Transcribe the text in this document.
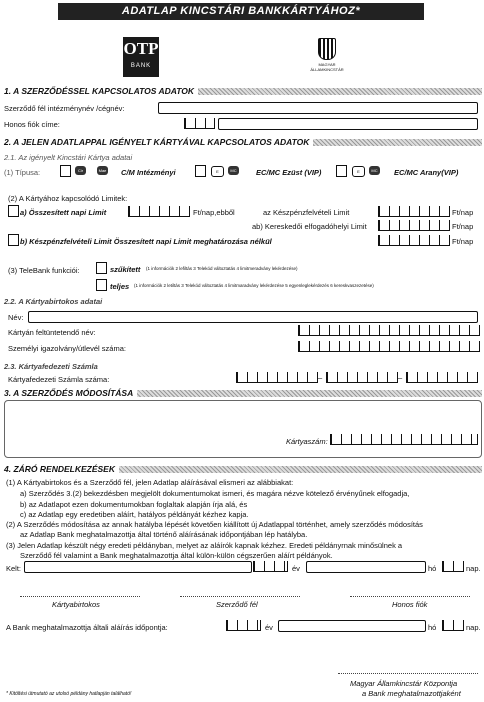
ADATLAP KINCSTÁRI BANKKÁRTYÁHOZ*
OTP
BANK	MAGYAR
ÁLLAMKINCSTÁR
1. A SZERZŐDÉSSEL KAPCSOLATOS ADATOK
Szerződő fél intézménynév /cégnév:
Honos fiók címe:
2. A JELEN ADATLAPPAL IGÉNYELT KÁRTYÁVAL KAPCSOLATOS ADATOK
2.1. Az igényelt Kincstári Kártya adatai
(1) Típusa:	Cir	Mae C/M Intézményi	E	MC	EC/MC Ezüst (VIP)	E	MC	EC/MC Arany(VIP)
(2) A Kártyához kapcsolódó Limitek:
a) Összesített napi Limit	Ft/nap,ebből	az Készpénzfelvételi Limit	Ft/nap
ab) Kereskedői elfogadóhelyi Limit	Ft/nap
b) Készpénzfelvételi Limit Összesített napi Limit meghatározása nélkül	Ft/nap
(3) TeleBank funkciói:	szűkített (1 információk 2 lefiltás 3 Telekód változtatás 4 limitmeradvány lekérdezése)
teljes (1 információk 2 letiltás 3 Telekód változtatás 4 limitmaradvány lekérdezése 5 egyenleglekérdezés 6 kereskvaszezetése)
2.2. A Kártyabirtokos adatai
Név:
Kártyán feltüntetendő név:
Személyi igazolvány/útlevél száma:
2.3. Kártyafedezeti Számla
Kártyafedezeti Számla száma:	–	–
3. A SZERZŐDÉS MÓDOSÍTÁSA
Kártyaszám:
4. ZÁRÓ RENDELKEZÉSEK
(1) A Kártyabirtokos és a Szerződő fél, jelen Adatlap aláírásával elismeri az alábbiakat:
a) Szerződés 3.(2) bekezdésben megjelölt dokumentumokat ismeri, és magára nézve kötelező érvényűnek elfogadja,
b) az Adatlapot ezen dokumentumokban foglaltak alapján írja alá, és
c) az Adatlap egy eredetiben aláírt, hatályos példányát kézhez kapja.
(2) A Szerződés módosítása az annak hatályba lépését követően kiállított új Adatlappal történhet, amely szerződés módosítás
az Adatlap Bank meghatalmazottja által történő aláírásának időpontjában lép hatályba.
(3) Jelen Adatlap készült négy eredeti példányban, melyet az aláírók kapnak kézhez. Eredeti példányrnak minősülnek a
Szerződő fél valamint a Bank meghatalmazottja által külön-külön cégszerűen aláírt példányok.
Kelt:	év	hó	nap.
Kártyabirtokos	Szerződő fél	Honos fiók
A Bank meghatalmazottja általi aláírás időpontja:	év	hó	nap.
Magyar Államkincstár Központja
a Bank meghatalmazottjaként
* Kitöltési útmutató az utolsó példány hatlapján található!
